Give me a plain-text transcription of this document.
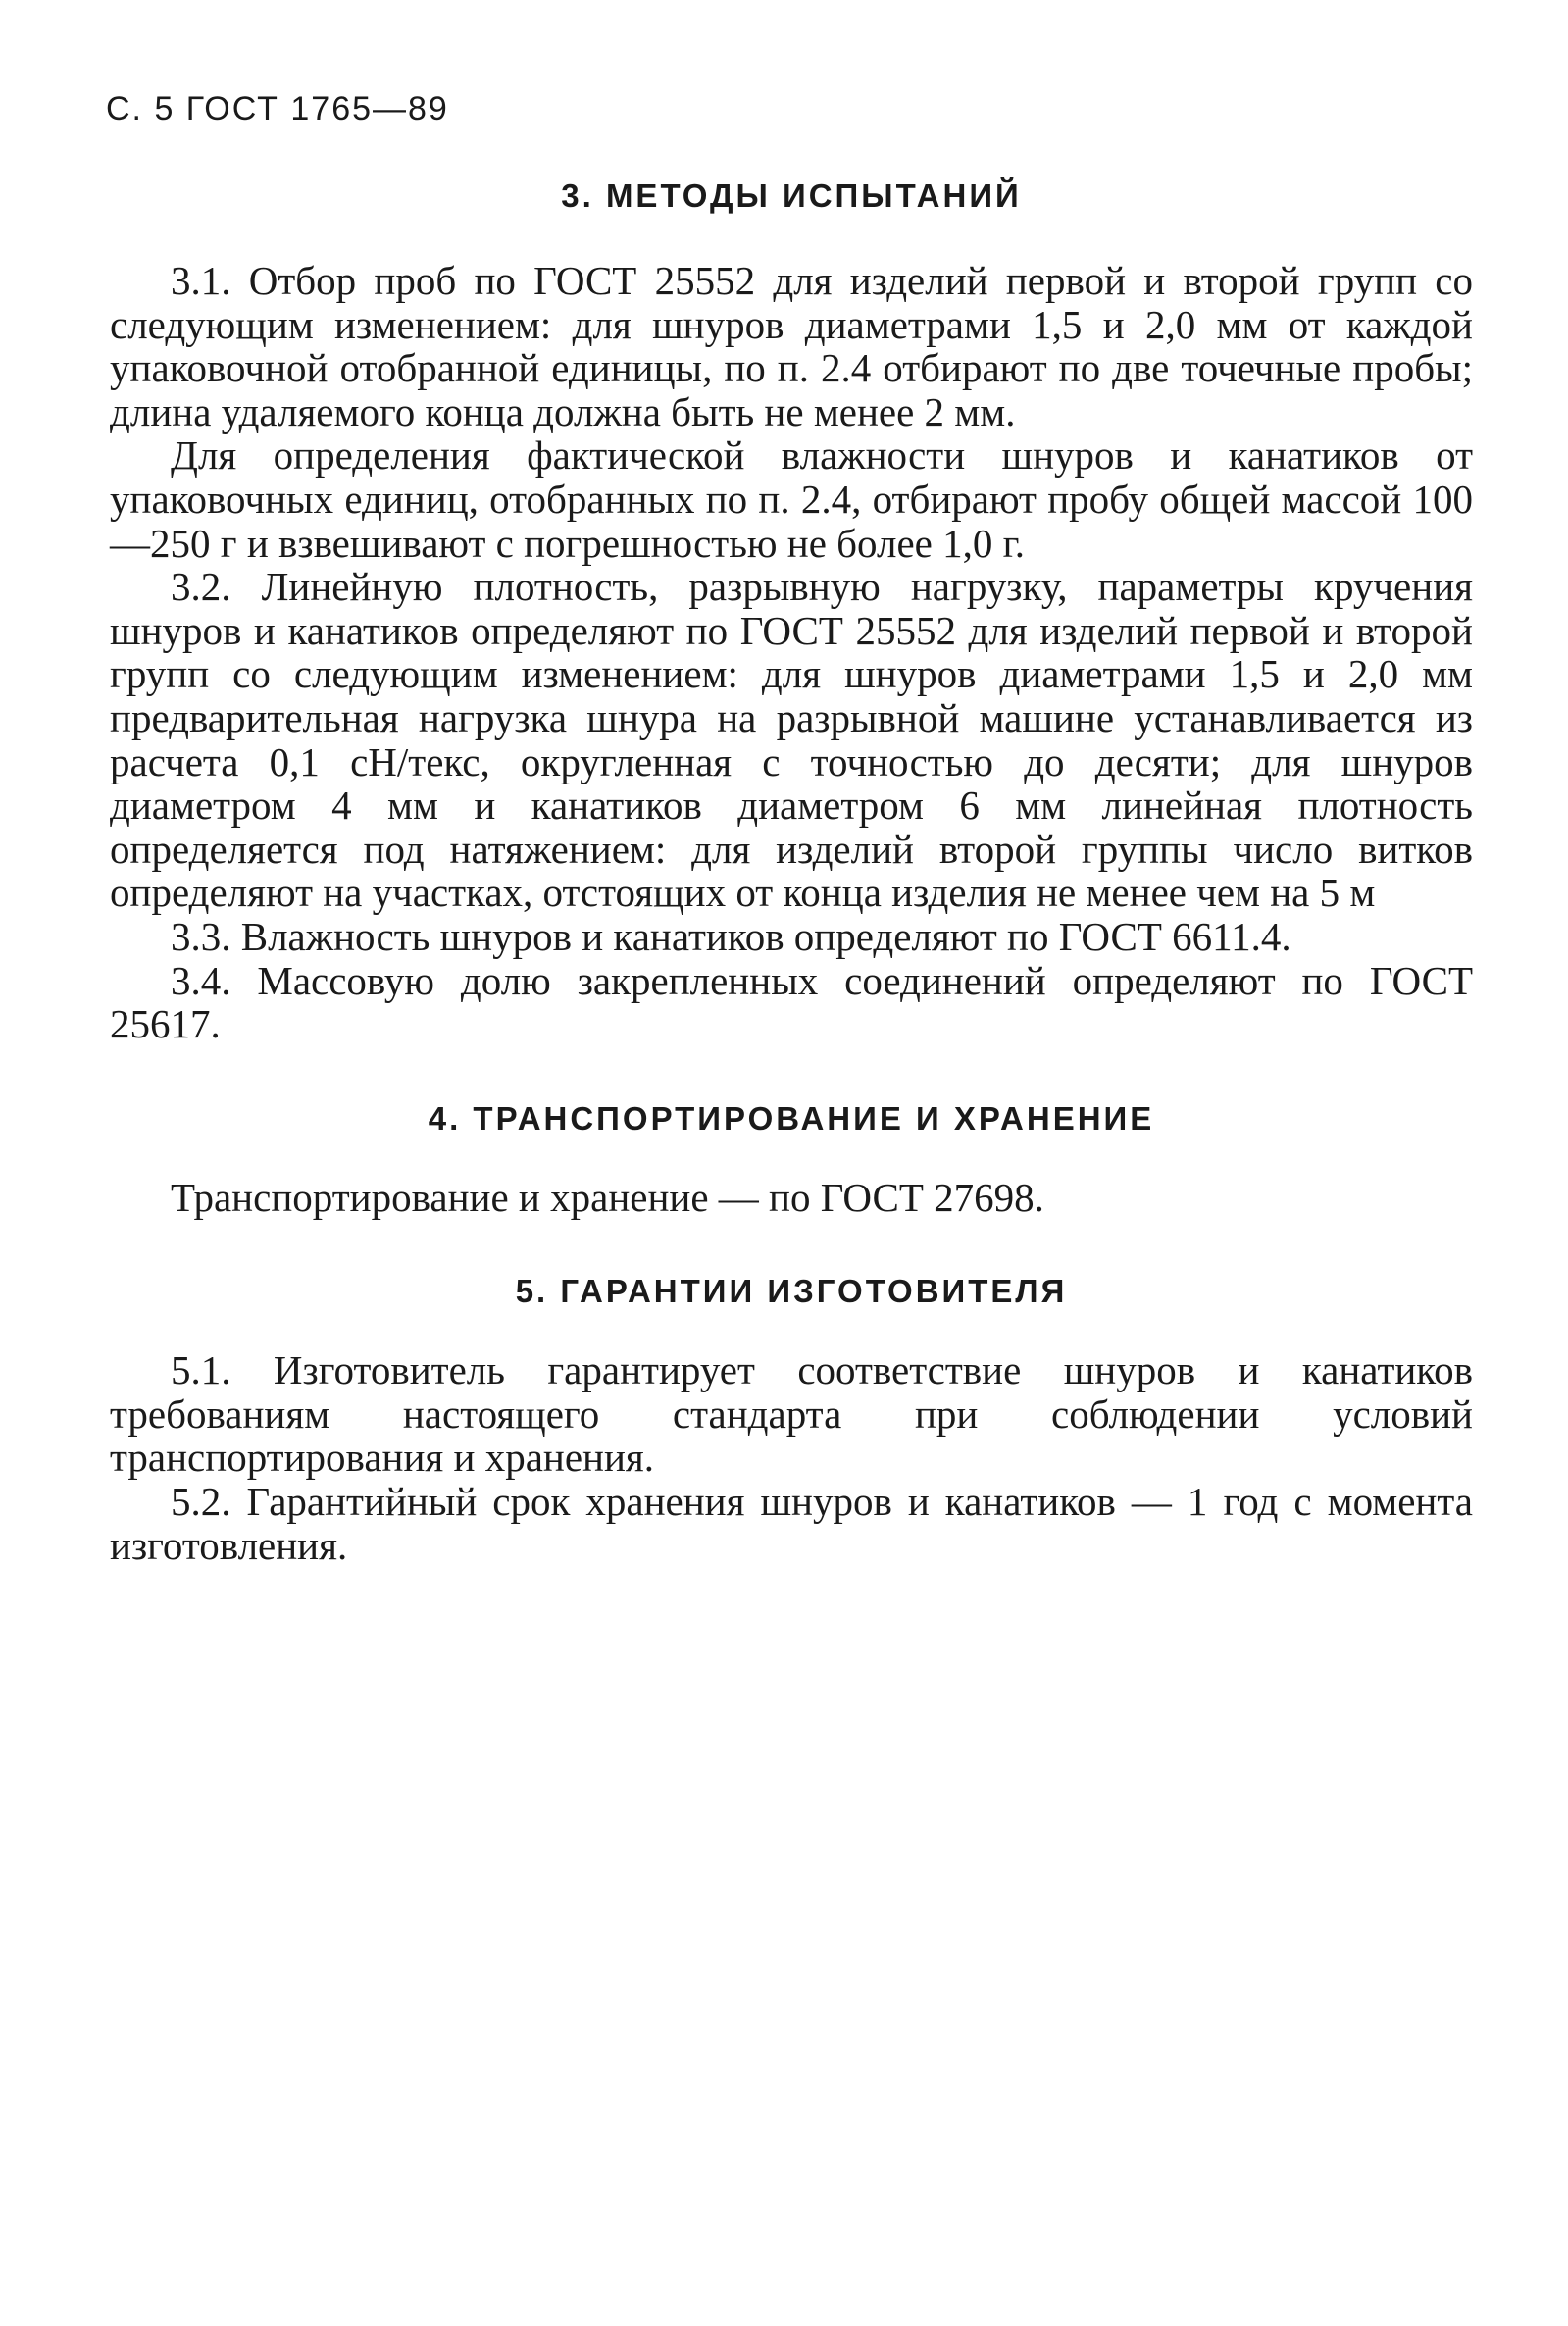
С. 5 ГОСТ 1765—89
3. МЕТОДЫ ИСПЫТАНИЙ

3.1. Отбор проб по ГОСТ 25552 для изделий первой и второй групп со следующим изменением: для шнуров диаметрами 1,5 и 2,0 мм от каждой упаковочной отобранной единицы, по п. 2.4 отбирают по две точечные пробы; длина удаляемого конца должна быть не менее 2 мм.

Для определения фактической влажности шнуров и канатиков от упаковочных единиц, отобранных по п. 2.4, отбирают пробу общей массой 100—250 г и взвешивают с погрешностью не более 1,0 г.

3.2. Линейную плотность, разрывную нагрузку, параметры кручения шнуров и канатиков определяют по ГОСТ 25552 для изделий первой и второй групп со следующим изменением: для шнуров диаметрами 1,5 и 2,0 мм предварительная нагрузка шнура на разрывной машине устанавливается из расчета 0,1 сН/текс, округленная с точностью до десяти; для шнуров диаметром 4 мм и канатиков диаметром 6 мм линейная плотность определяется под натяжением: для изделий второй группы число витков определяют на участках, отстоящих от конца изделия не менее чем на 5 м

3.3. Влажность шнуров и канатиков определяют по ГОСТ 6611.4.

3.4. Массовую долю закрепленных соединений определяют по ГОСТ 25617.

4. ТРАНСПОРТИРОВАНИЕ И ХРАНЕНИЕ

Транспортирование и хранение — по ГОСТ 27698.

5. ГАРАНТИИ ИЗГОТОВИТЕЛЯ

5.1. Изготовитель гарантирует соответствие шнуров и канатиков требованиям настоящего стандарта при соблюдении условий транспортирования и хранения.

5.2. Гарантийный срок хранения шнуров и канатиков — 1 год с момента изготовления.
